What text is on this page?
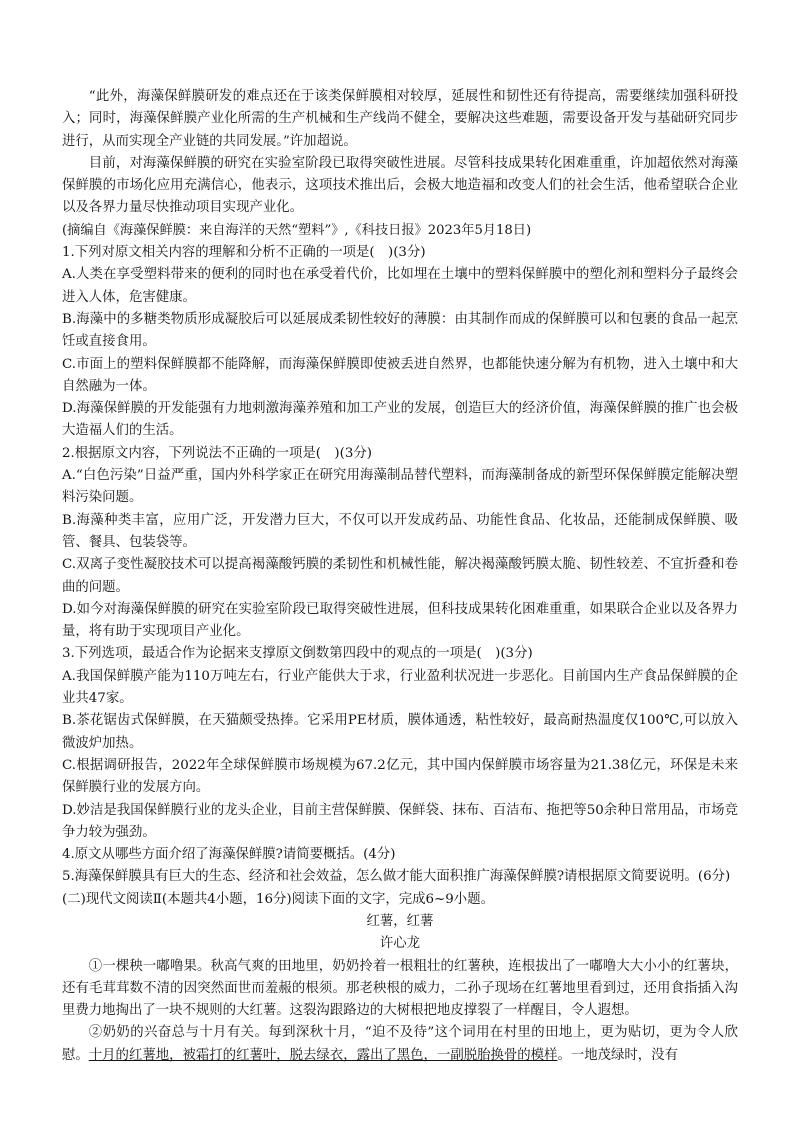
“此外，海藻保鲜膜研发的难点还在于该类保鲜膜相对较厚，延展性和韧性还有待提高，需要继续加强科研投入；同时，海藻保鲜膜产业化所需的生产机械和生产线尚不健全，要解决这些难题，需要设备开发与基础研究同步进行，从而实现全产业链的共同发展。”许加超说。

目前，对海藻保鲜膜的研究在实验室阶段已取得突破性进展。尽管科技成果转化困难重重，许加超依然对海藻保鲜膜的市场化应用充满信心，他表示，这项技术推出后，会极大地造福和改变人们的社会生活，他希望联合企业以及各界力量尽快推动项目实现产业化。

(摘编自《海藻保鲜膜：来自海洋的天然“塑料”》,《科技日报》2023年5月18日)

1.下列对原文相关内容的理解和分析不正确的一项是(　)(3分)

A.人类在享受塑料带来的便利的同时也在承受着代价，比如埋在土壤中的塑料保鲜膜中的塑化剂和塑料分子最终会进入人体，危害健康。

B.海藻中的多糖类物质形成凝胶后可以延展成柔韧性较好的薄膜：由其制作而成的保鲜膜可以和包裹的食品一起烹饪或直接食用。

C.市面上的塑料保鲜膜都不能降解，而海藻保鲜膜即使被丢进自然界，也都能快速分解为有机物，进入土壤中和大自然融为一体。

D.海藻保鲜膜的开发能强有力地刺激海藻养殖和加工产业的发展，创造巨大的经济价值，海藻保鲜膜的推广也会极大造福人们的生活。

2.根据原文内容，下列说法不正确的一项是(　)(3分)

A.“白色污染”日益严重，国内外科学家正在研究用海藻制品替代塑料，而海藻制备成的新型环保保鲜膜定能解决塑料污染问题。

B.海藻种类丰富，应用广泛，开发潜力巨大，不仅可以开发成药品、功能性食品、化妆品，还能制成保鲜膜、吸管、餐具、包装袋等。

C.双离子变性凝胶技术可以提高褐藻酸钙膜的柔韧性和机械性能，解决褐藻酸钙膜太脆、韧性较差、不宜折叠和卷曲的问题。

D.如今对海藻保鲜膜的研究在实验室阶段已取得突破性进展，但科技成果转化困难重重，如果联合企业以及各界力量，将有助于实现项目产业化。

3.下列选项，最适合作为论据来支撑原文倒数第四段中的观点的一项是(　)(3分)

A.我国保鲜膜产能为110万吨左右，行业产能供大于求，行业盈利状况进一步恶化。目前国内生产食品保鲜膜的企业共47家。

B.茶花锯齿式保鲜膜，在天猫颇受热捧。它采用PE材质，膜体通透，粘性较好，最高耐热温度仅100℃,可以放入微波炉加热。

C.根据调研报告，2022年全球保鲜膜市场规模为67.2亿元，其中国内保鲜膜市场容量为21.38亿元，环保是未来保鲜膜行业的发展方向。

D.妙洁是我国保鲜膜行业的龙头企业，目前主营保鲜膜、保鲜袋、抹布、百洁布、拖把等50余种日常用品，市场竞争力较为强劲。

4.原文从哪些方面介绍了海藻保鲜膜?请简要概括。(4分)

5.海藻保鲜膜具有巨大的生态、经济和社会效益，怎么做才能大面积推广海藻保鲜膜?请根据原文简要说明。(6分)

(二)现代文阅读Ⅱ(本题共4小题，16分)阅读下面的文字，完成6~9小题。

红薯，红薯

许心龙

①一棵秧一嘟噜果。秋高气爽的田地里，奶奶拎着一根粗壮的红薯秧，连根拔出了一嘟噜大大小小的红薯块，还有毛茸茸数不清的因突然面世而羞赧的根须。那老秧根的威力，二孙子现场在红薯地里看到过，还用食指插入沟里费力地掏出了一块不规则的大红薯。这裂沟跟路边的大树根把地皮撑裂了一样醒目，令人遐想。

②奶奶的兴奋总与十月有关。每到深秋十月，“迫不及待”这个词用在村里的田地上，更为贴切，更为令人欣慰。十月的红薯地，被霜打的红薯叶，脱去绿衣，露出了黑色，一副脱胎换骨的模样。一地茂绿时，没有
